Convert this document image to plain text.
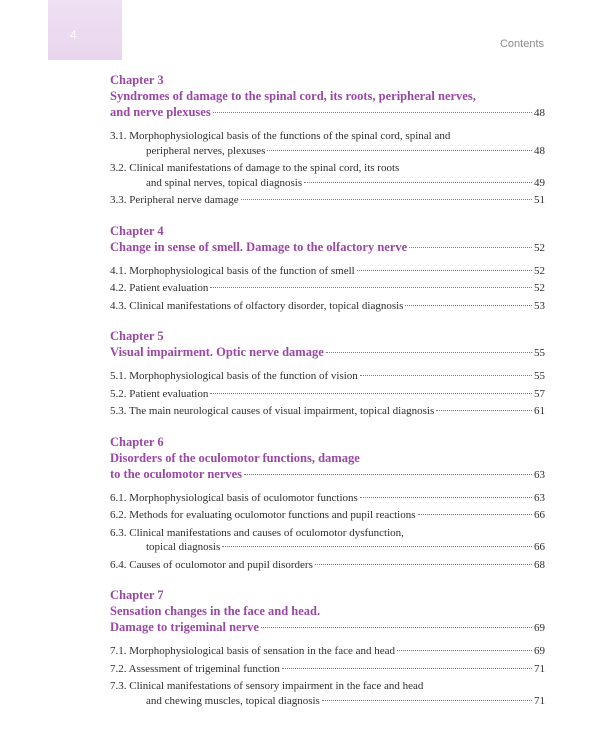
4
Contents
Chapter 3
Syndromes of damage to the spinal cord, its roots, peripheral nerves,
and nerve plexuses	48
3.1. Morphophysiological basis of the functions of the spinal cord, spinal and
peripheral nerves, plexuses	48
3.2. Clinical manifestations of damage to the spinal cord, its roots
and spinal nerves, topical diagnosis	49
3.3. Peripheral nerve damage	51
Chapter 4
Change in sense of smell. Damage to the olfactory nerve	52
4.1. Morphophysiological basis of the function of smell	52
4.2. Patient evaluation	52
4.3. Clinical manifestations of olfactory disorder, topical diagnosis	53
Chapter 5
Visual impairment. Optic nerve damage	55
5.1. Morphophysiological basis of the function of vision	55
5.2. Patient evaluation	57
5.3. The main neurological causes of visual impairment, topical diagnosis	61
Chapter 6
Disorders of the oculomotor functions, damage
to the oculomotor nerves	63
6.1. Morphophysiological basis of oculomotor functions	63
6.2. Methods for evaluating oculomotor functions and pupil reactions	66
6.3. Clinical manifestations and causes of oculomotor dysfunction,
topical diagnosis	66
6.4. Causes of oculomotor and pupil disorders	68
Chapter 7
Sensation changes in the face and head.
Damage to trigeminal nerve	69
7.1. Morphophysiological basis of sensation in the face and head	69
7.2. Assessment of trigeminal function	71
7.3. Clinical manifestations of sensory impairment in the face and head
and chewing muscles, topical diagnosis	71
